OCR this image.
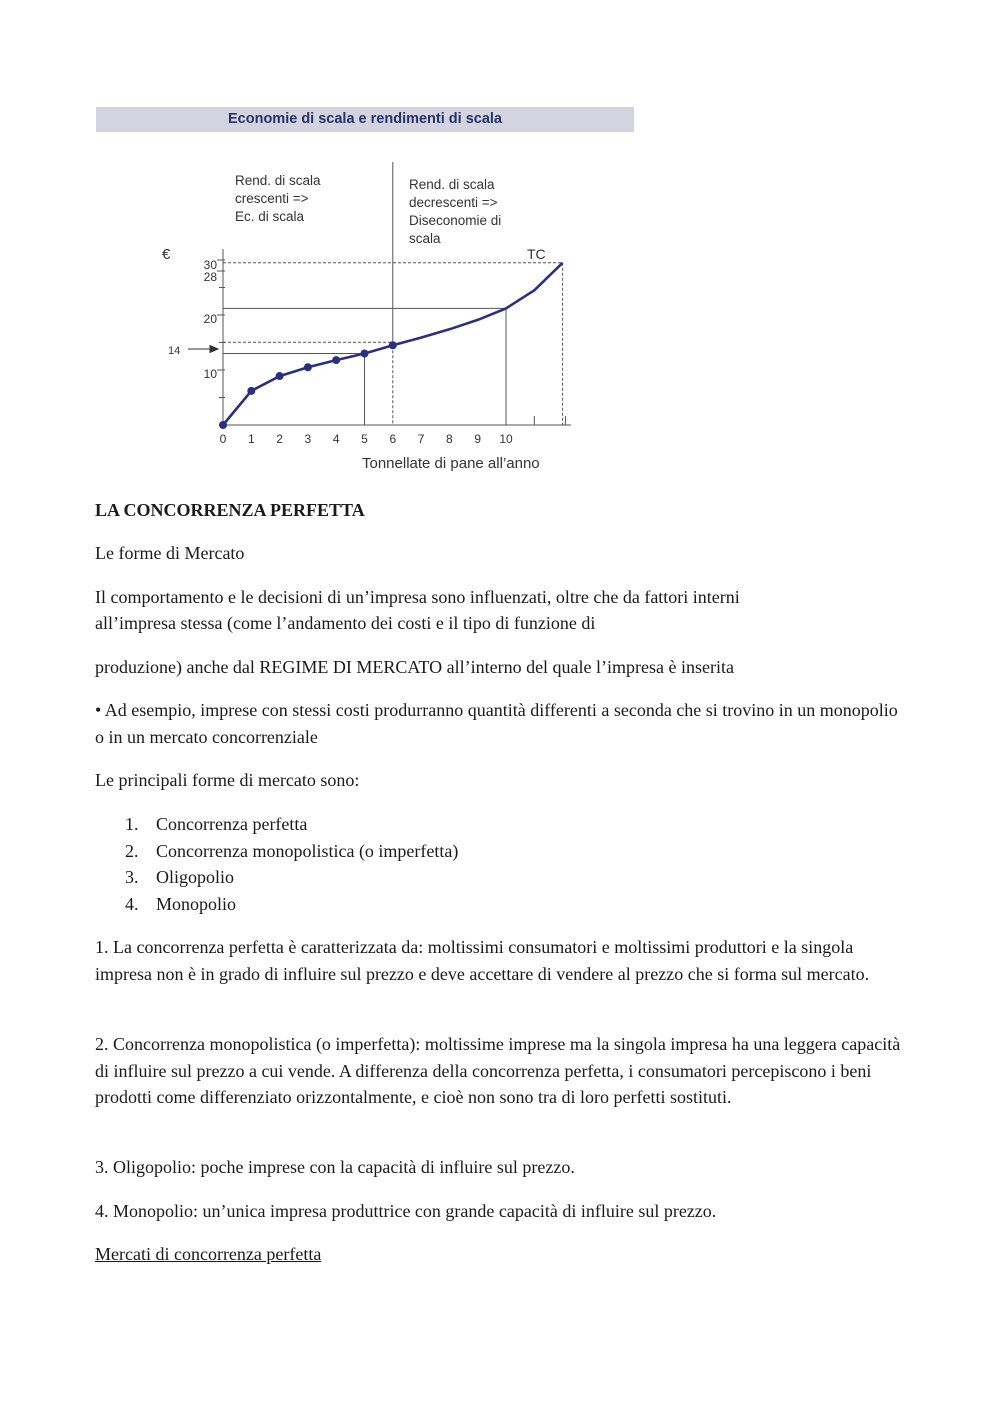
Economie di scala e rendimenti di scala
€	TC
Tonnellate di pane all’anno
Rend. di scala
crescenti =>
Ec. di scala
Rend. di scala
decrescenti =>
Diseconomie di
scala
30
28
20
10
14
0 1 2 3 4 5 6 7 8 9 10
LA CONCORRENZA PERFETTA
Le forme di Mercato
Il comportamento e le decisioni di un’impresa sono influenzati, oltre che da fattori interni
all’impresa stessa (come l’andamento dei costi e il tipo di funzione di
produzione) anche dal REGIME DI MERCATO all’interno del quale l’impresa è inserita
• Ad esempio, imprese con stessi costi produrranno quantità differenti a seconda che si trovino in un monopolio o in un mercato concorrenziale
Le principali forme di mercato sono:
1. Concorrenza perfetta
2. Concorrenza monopolistica (o imperfetta)
3. Oligopolio
4. Monopolio
1. La concorrenza perfetta è caratterizzata da: moltissimi consumatori e moltissimi produttori e la singola impresa non è in grado di influire sul prezzo e deve accettare di vendere al prezzo che si forma sul mercato.
2. Concorrenza monopolistica (o imperfetta): moltissime imprese ma la singola impresa ha una leggera capacità di influire sul prezzo a cui vende. A differenza della concorrenza perfetta, i consumatori percepiscono i beni prodotti come differenziato orizzontalmente, e cioè non sono tra di loro perfetti sostituti.
3. Oligopolio: poche imprese con la capacità di influire sul prezzo.
4. Monopolio: un’unica impresa produttrice con grande capacità di influire sul prezzo.
Mercati di concorrenza perfetta
